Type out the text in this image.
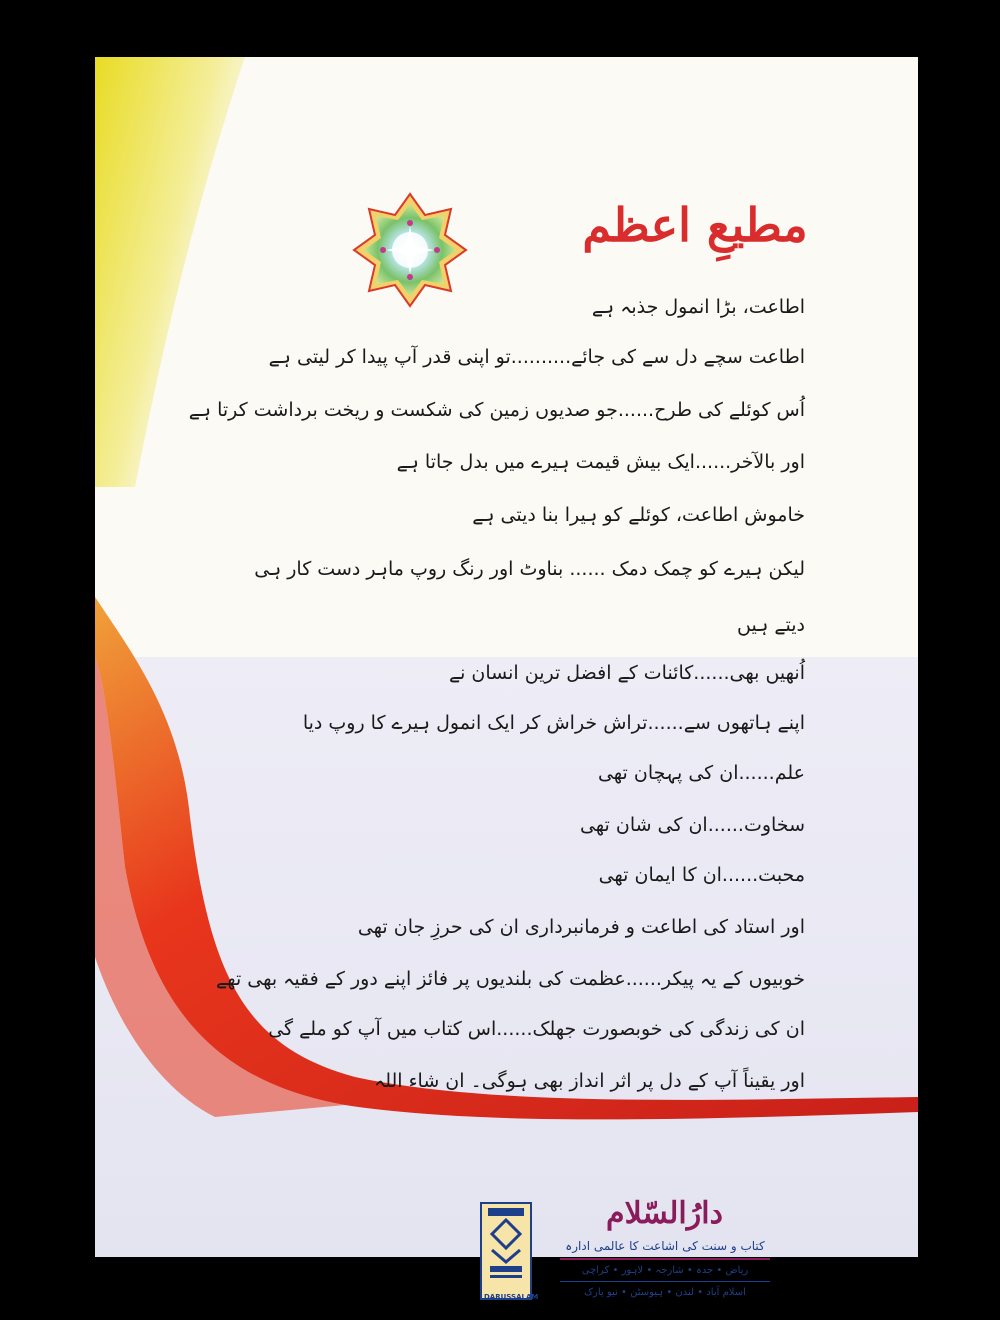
مطیعِ اعظم
اطاعت، بڑا انمول جذبہ ہے
اطاعت سچے دل سے کی جائے..........تو اپنی قدر آپ پیدا کر لیتی ہے
اُس کوئلے کی طرح......جو صدیوں زمین کی شکست و ریخت برداشت کرتا ہے
اور بالآخر......ایک بیش قیمت ہیرے میں بدل جاتا ہے
خاموش اطاعت، کوئلے کو ہیرا بنا دیتی ہے
لیکن ہیرے کو چمک دمک ...... بناوٹ اور رنگ روپ ماہر دست کار ہی
دیتے ہیں
اُنھیں بھی......کائنات کے افضل ترین انسان نے
اپنے ہاتھوں سے......تراش خراش کر ایک انمول ہیرے کا روپ دیا
علم......ان کی پہچان تھی
سخاوت......ان کی شان تھی
محبت......ان کا ایمان تھی
اور استاد کی اطاعت و فرمانبرداری ان کی حرزِ جان تھی
خوبیوں کے یہ پیکر......عظمت کی بلندیوں پر فائز اپنے دور کے فقیہ بھی تھے
ان کی زندگی کی خوبصورت جھلک......اس کتاب میں آپ کو ملے گی
اور یقیناً آپ کے دل پر اثر انداز بھی ہوگی۔ ان شاء اللہ
DARUSSALAM
دارُالسّلام
کتاب و سنت کی اشاعت کا عالمی ادارہ
ریاض • جدہ • شارجہ • لاہور • کراچی
اسلام آباد • لندن • ہیوسٹن • نیو یارک
